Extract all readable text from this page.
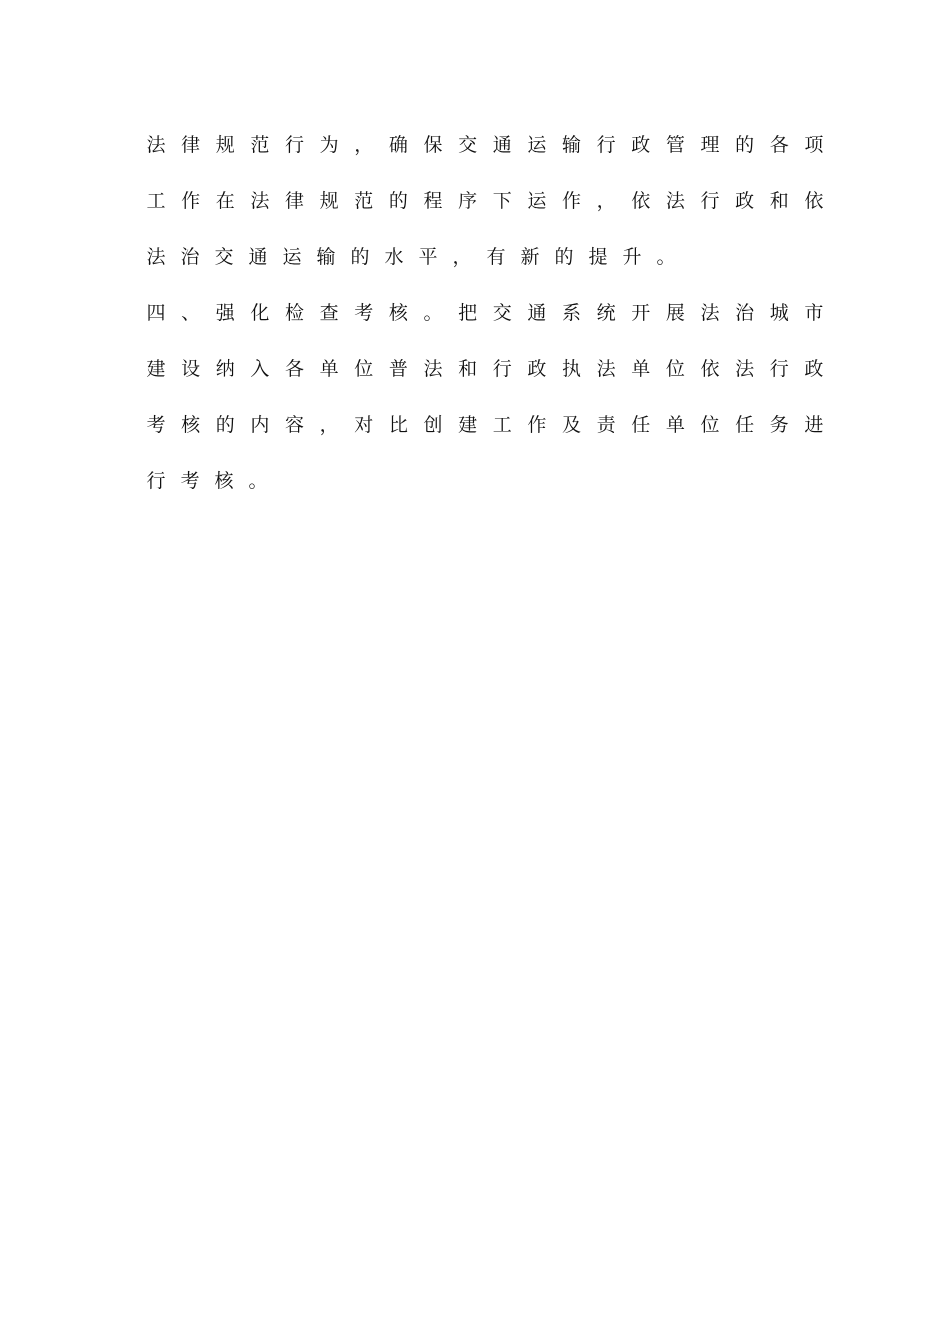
法 律 规 范 行 为 ， 确 保 交 通 运 输 行 政 管 理 的 各 项
工 作 在 法 律 规 范 的 程 序 下 运 作 ， 依 法 行 政 和 依
法 治 交 通 运 输 的 水 平 ， 有 新 的 提 升 。
四 、 强 化 检 查 考 核 。 把 交 通 系 统 开 展 法 治 城 市
建 设 纳 入 各 单 位 普 法 和 行 政 执 法 单 位 依 法 行 政
考 核 的 内 容 ， 对 比 创 建 工 作 及 责 任 单 位 任 务 进
行 考 核 。
